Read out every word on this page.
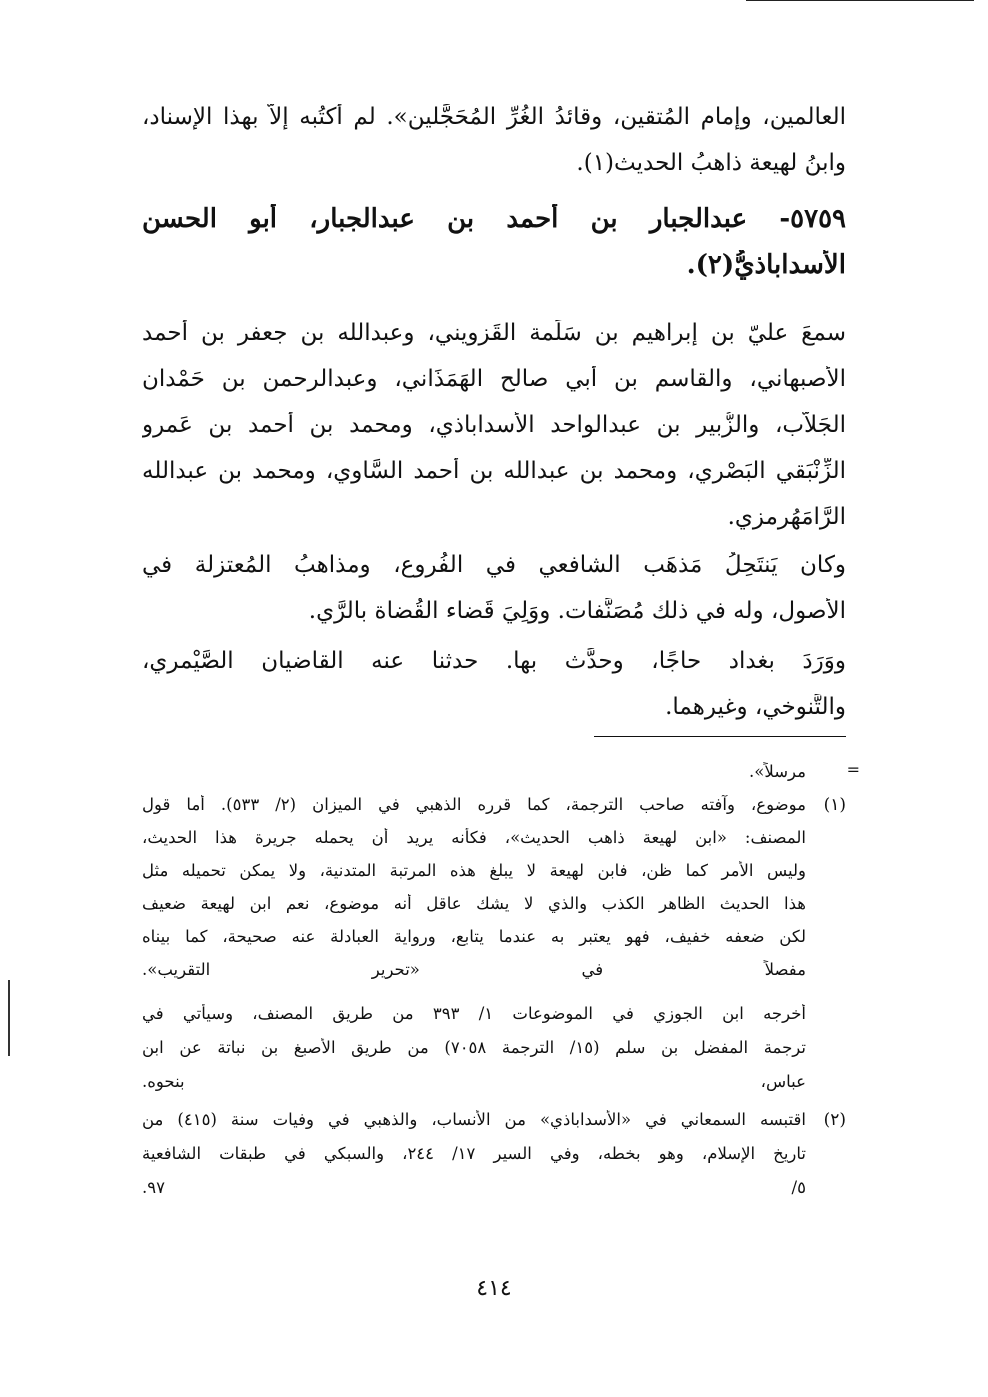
العالمين، وإمام المُتقين، وقائدُ الغُرِّ المُحَجَّلين». لم أكتُبه إلاّ بهذا الإسناد،
وابنُ لهيعة ذاهبُ الحديث(١).
٥٧٥٩- عبدالجبار بن أحمد بن عبدالجبار، أبو الحسن
الأسداباذيُّ(٢).
سمعَ عليّ بن إبراهيم بن سَلَمة القَزويني، وعبدالله بن جعفر بن أحمد
الأصبهاني، والقاسم بن أبي صالح الهَمَذَاني، وعبدالرحمن بن حَمْدان
الجَلاّب، والزُّبير بن عبدالواحد الأسداباذي، ومحمد بن أحمد بن عَمرو
الزِّنْبَقي البَصْري، ومحمد بن عبدالله بن أحمد السَّاوي، ومحمد بن عبدالله
الرَّامَهُرمزي.
وكان يَنتَحِلُ مَذهَب الشافعي في الفُروع، ومذاهبُ المُعتزلة في
الأصول، وله في ذلك مُصَنَّفات. ووَلِيَ قَضاء القُضاة بالرَّي.
ووَرَدَ بغداد حاجًا، وحدَّث بها. حدثنا عنه القاضيان الصَّيْمري،
والتَّنوخي، وغيرهما.
=
مرسلاً».
(١)
موضوع، وآفته صاحب الترجمة، كما قرره الذهبي في الميزان (٢/ ٥٣٣). أما قول
المصنف: «ابن لهيعة ذاهب الحديث»، فكأنه يريد أن يحمله جريرة هذا الحديث،
وليس الأمر كما ظن، فابن لهيعة لا يبلغ هذه المرتبة المتدنية، ولا يمكن تحميله مثل
هذا الحديث الظاهر الكذب والذي لا يشك عاقل أنه موضوع، نعم ابن لهيعة ضعيف
لكن ضعفه خفيف، فهو يعتبر به عندما يتابع، ورواية العبادلة عنه صحيحة، كما بيناه
مفصلاً في «تحرير التقريب».
أخرجه ابن الجوزي في الموضوعات ١/ ٣٩٣ من طريق المصنف، وسيأتي في
ترجمة المفضل بن سلم (١٥/ الترجمة ٧٠٥٨) من طريق الأصبغ بن نباتة عن ابن
عباس، بنحوه.
(٢)
اقتبسه السمعاني في «الأسداباذي» من الأنساب، والذهبي في وفيات سنة (٤١٥) من
تاريخ الإسلام، وهو بخطه، وفي السير ١٧/ ٢٤٤، والسبكي في طبقات الشافعية
٥/ ٩٧.
٤١٤
